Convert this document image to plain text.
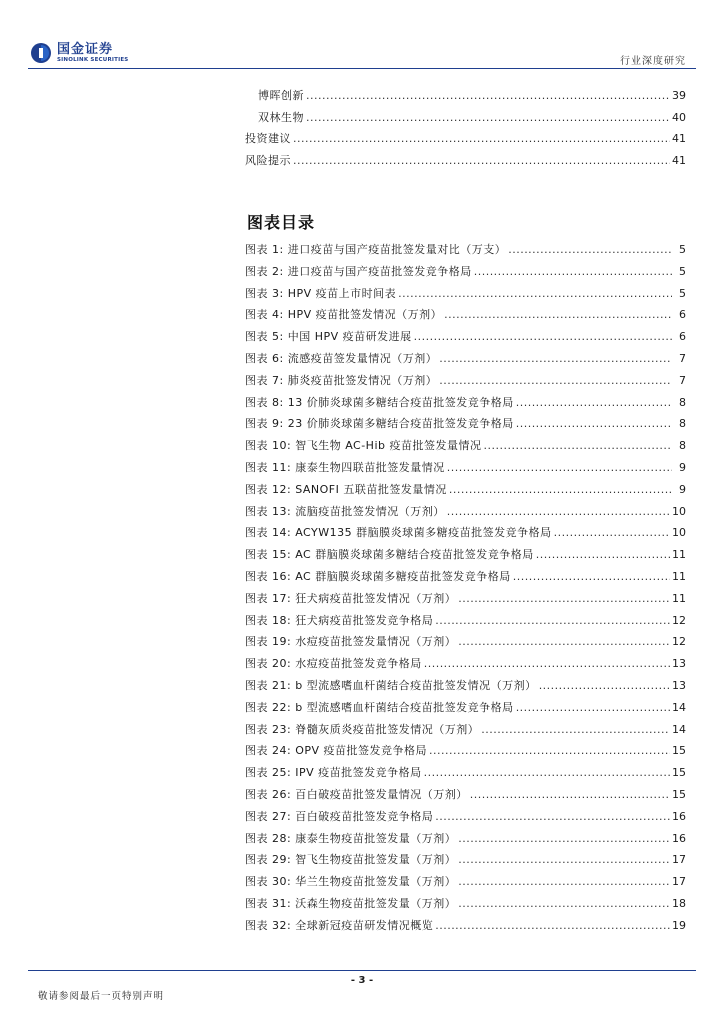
国金证券
SINOLINK SECURITIES	行业深度研究
博晖创新 .....	39
双林生物 .....	40
投资建议 .....	41
风险提示 .....	41
图表目录
图表 1: 进口疫苗与国产疫苗批签发量对比（万支） .....	5
图表 2: 进口疫苗与国产疫苗批签发竞争格局 .....	5
图表 3: HPV 疫苗上市时间表 .....	5
图表 4: HPV 疫苗批签发情况（万剂） .....	6
图表 5: 中国 HPV 疫苗研发进展 .....	6
图表 6: 流感疫苗签发量情况（万剂） .....	7
图表 7: 肺炎疫苗批签发情况（万剂） .....	7
图表 8: 13 价肺炎球菌多糖结合疫苗批签发竞争格局 .....	8
图表 9: 23 价肺炎球菌多糖结合疫苗批签发竞争格局 .....	8
图表 10: 智飞生物 AC-Hib 疫苗批签发量情况 .....	8
图表 11: 康泰生物四联苗批签发量情况 .....	9
图表 12: SANOFI 五联苗批签发量情况 .....	9
图表 13: 流脑疫苗批签发情况（万剂） .....	10
图表 14: ACYW135 群脑膜炎球菌多糖疫苗批签发竞争格局 .....	10
图表 15: AC 群脑膜炎球菌多糖结合疫苗批签发竞争格局 .....	11
图表 16: AC 群脑膜炎球菌多糖疫苗批签发竞争格局 .....	11
图表 17: 狂犬病疫苗批签发情况（万剂） .....	11
图表 18: 狂犬病疫苗批签发竞争格局 .....	12
图表 19: 水痘疫苗批签发量情况（万剂） .....	12
图表 20: 水痘疫苗批签发竞争格局 .....	13
图表 21: b 型流感嗜血杆菌结合疫苗批签发情况（万剂） .....	13
图表 22: b 型流感嗜血杆菌结合疫苗批签发竞争格局 .....	14
图表 23: 脊髓灰质炎疫苗批签发情况（万剂） .....	14
图表 24: OPV 疫苗批签发竞争格局 .....	15
图表 25: IPV 疫苗批签发竞争格局 .....	15
图表 26: 百白破疫苗批签发量情况（万剂） .....	15
图表 27: 百白破疫苗批签发竞争格局 .....	16
图表 28: 康泰生物疫苗批签发量（万剂） .....	16
图表 29: 智飞生物疫苗批签发量（万剂） .....	17
图表 30: 华兰生物疫苗批签发量（万剂） .....	17
图表 31: 沃森生物疫苗批签发量（万剂） .....	18
图表 32: 全球新冠疫苗研发情况概览 .....	19
- 3 -
敬请参阅最后一页特别声明
